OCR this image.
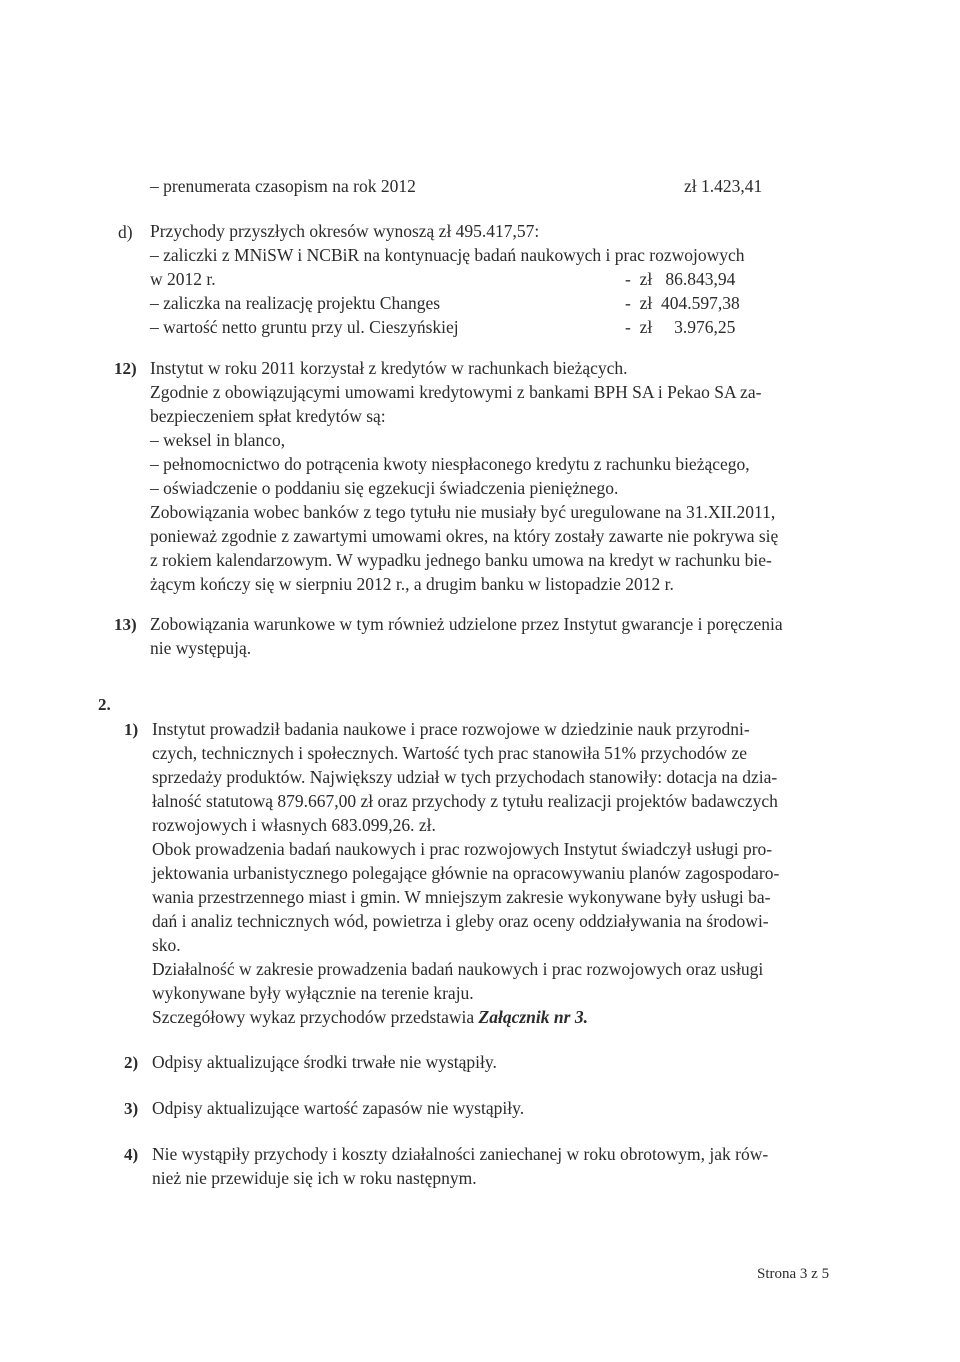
– prenumerata czasopism na rok 2012	zł 1.423,41
d) Przychody przyszłych okresów wynoszą zł 495.417,57:
– zaliczki z MNiSW i NCBiR na kontynuację badań naukowych i prac rozwojowych
w 2012 r.	-  zł   86.843,94
– zaliczka na realizację projektu Changes	-  zł  404.597,38
– wartość netto gruntu przy ul. Cieszyńskiej	-  zł     3.976,25
12) Instytut w roku 2011 korzystał z kredytów w rachunkach bieżących.
Zgodnie z obowiązującymi umowami kredytowymi z bankami BPH SA i Pekao SA za-
bezpieczeniem spłat kredytów są:
– weksel in blanco,
– pełnomocnictwo do potrącenia kwoty niespłaconego kredytu z rachunku bieżącego,
– oświadczenie o poddaniu się egzekucji świadczenia pieniężnego.
Zobowiązania wobec banków z tego tytułu nie musiały być uregulowane na 31.XII.2011,
ponieważ zgodnie z zawartymi umowami okres, na który zostały zawarte nie pokrywa się
z rokiem kalendarzowym. W wypadku jednego banku umowa na kredyt w rachunku bie-
żącym kończy się w sierpniu 2012 r., a drugim banku w listopadzie 2012 r.
13) Zobowiązania warunkowe w tym również udzielone przez Instytut gwarancje i poręczenia
nie występują.
2.
1) Instytut prowadził badania naukowe i prace rozwojowe w dziedzinie nauk przyrodni-
czych, technicznych i społecznych. Wartość tych prac stanowiła 51% przychodów ze
sprzedaży produktów. Największy udział w tych przychodach stanowiły: dotacja na dzia-
łalność statutową 879.667,00 zł oraz przychody z tytułu realizacji projektów badawczych
rozwojowych i własnych 683.099,26. zł.
Obok prowadzenia badań naukowych i prac rozwojowych Instytut świadczył usługi pro-
jektowania urbanistycznego polegające głównie na opracowywaniu planów zagospodaro-
wania przestrzennego miast i gmin. W mniejszym zakresie wykonywane były usługi ba-
dań i analiz technicznych wód, powietrza i gleby oraz oceny oddziaływania na środowi-
sko.
Działalność w zakresie prowadzenia badań naukowych i prac rozwojowych oraz usługi
wykonywane były wyłącznie na terenie kraju.
Szczegółowy wykaz przychodów przedstawia Załącznik nr 3.
2) Odpisy aktualizujące środki trwałe nie wystąpiły.
3) Odpisy aktualizujące wartość zapasów nie wystąpiły.
4) Nie wystąpiły przychody i koszty działalności zaniechanej w roku obrotowym, jak rów-
nież nie przewiduje się ich w roku następnym.
Strona 3 z 5
